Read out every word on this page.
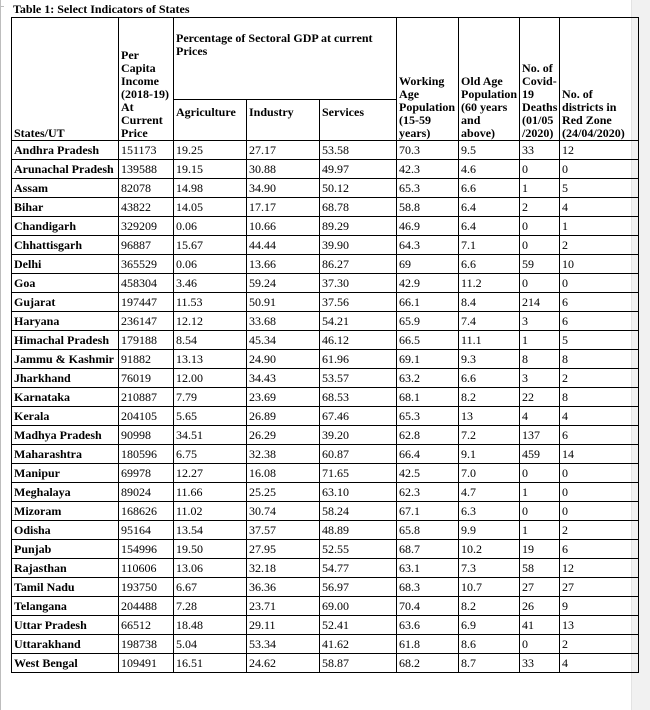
Table 1: Select Indicators of States
States/UT	Per Capita Income (2018-19) At Current Price	Percentage of Sectoral GDP at current Prices			Working Age Population (15-59 years)	Old Age Population (60 years and above)	No. of Covid-19 Deaths (01/05 /2020)	No. of districts in Red Zone (24/04/2020)
		Agriculture	Industry	Services				
Andhra Pradesh	151173	19.25	27.17	53.58	70.3	9.5	33	12
Arunachal Pradesh	139588	19.15	30.88	49.97	42.3	4.6	0	0
Assam	82078	14.98	34.90	50.12	65.3	6.6	1	5
Bihar	43822	14.05	17.17	68.78	58.8	6.4	2	4
Chandigarh	329209	0.06	10.66	89.29	46.9	6.4	0	1
Chhattisgarh	96887	15.67	44.44	39.90	64.3	7.1	0	2
Delhi	365529	0.06	13.66	86.27	69	6.6	59	10
Goa	458304	3.46	59.24	37.30	42.9	11.2	0	0
Gujarat	197447	11.53	50.91	37.56	66.1	8.4	214	6
Haryana	236147	12.12	33.68	54.21	65.9	7.4	3	6
Himachal Pradesh	179188	8.54	45.34	46.12	66.5	11.1	1	5
Jammu & Kashmir	91882	13.13	24.90	61.96	69.1	9.3	8	8
Jharkhand	76019	12.00	34.43	53.57	63.2	6.6	3	2
Karnataka	210887	7.79	23.69	68.53	68.1	8.2	22	8
Kerala	204105	5.65	26.89	67.46	65.3	13	4	4
Madhya Pradesh	90998	34.51	26.29	39.20	62.8	7.2	137	6
Maharashtra	180596	6.75	32.38	60.87	66.4	9.1	459	14
Manipur	69978	12.27	16.08	71.65	42.5	7.0	0	0
Meghalaya	89024	11.66	25.25	63.10	62.3	4.7	1	0
Mizoram	168626	11.02	30.74	58.24	67.1	6.3	0	0
Odisha	95164	13.54	37.57	48.89	65.8	9.9	1	2
Punjab	154996	19.50	27.95	52.55	68.7	10.2	19	6
Rajasthan	110606	13.06	32.18	54.77	63.1	7.3	58	12
Tamil Nadu	193750	6.67	36.36	56.97	68.3	10.7	27	27
Telangana	204488	7.28	23.71	69.00	70.4	8.2	26	9
Uttar Pradesh	66512	18.48	29.11	52.41	63.6	6.9	41	13
Uttarakhand	198738	5.04	53.34	41.62	61.8	8.6	0	2
West Bengal	109491	16.51	24.62	58.87	68.2	8.7	33	4
